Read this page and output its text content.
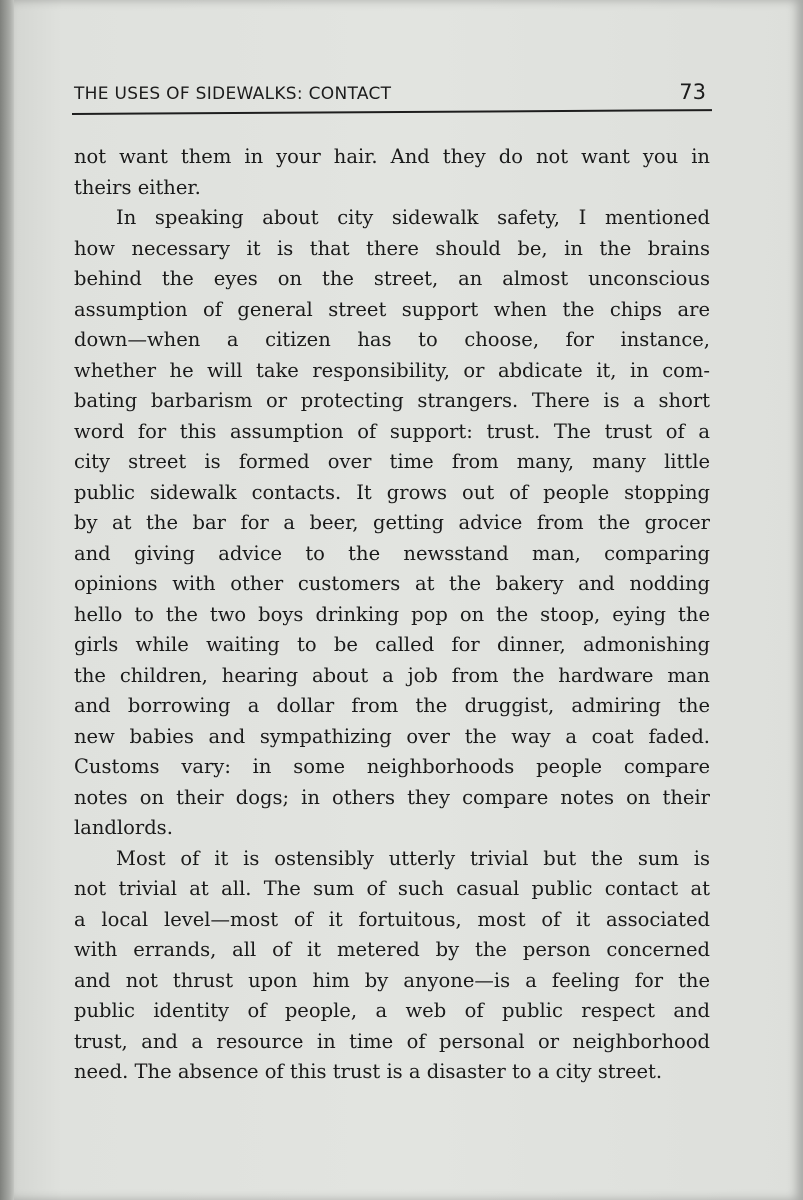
THE USES OF SIDEWALKS: CONTACT	73
not want them in your hair. And they do not want you in
theirs either.
In speaking about city sidewalk safety, I mentioned
how necessary it is that there should be, in the brains
behind the eyes on the street, an almost unconscious
assumption of general street support when the chips are
down—when a citizen has to choose, for instance,
whether he will take responsibility, or abdicate it, in com-
bating barbarism or protecting strangers. There is a short
word for this assumption of support: trust. The trust of a
city street is formed over time from many, many little
public sidewalk contacts. It grows out of people stopping
by at the bar for a beer, getting advice from the grocer
and giving advice to the newsstand man, comparing
opinions with other customers at the bakery and nodding
hello to the two boys drinking pop on the stoop, eying the
girls while waiting to be called for dinner, admonishing
the children, hearing about a job from the hardware man
and borrowing a dollar from the druggist, admiring the
new babies and sympathizing over the way a coat faded.
Customs vary: in some neighborhoods people compare
notes on their dogs; in others they compare notes on their
landlords.
Most of it is ostensibly utterly trivial but the sum is
not trivial at all. The sum of such casual public contact at
a local level—most of it fortuitous, most of it associated
with errands, all of it metered by the person concerned
and not thrust upon him by anyone—is a feeling for the
public identity of people, a web of public respect and
trust, and a resource in time of personal or neighborhood
need. The absence of this trust is a disaster to a city street.
